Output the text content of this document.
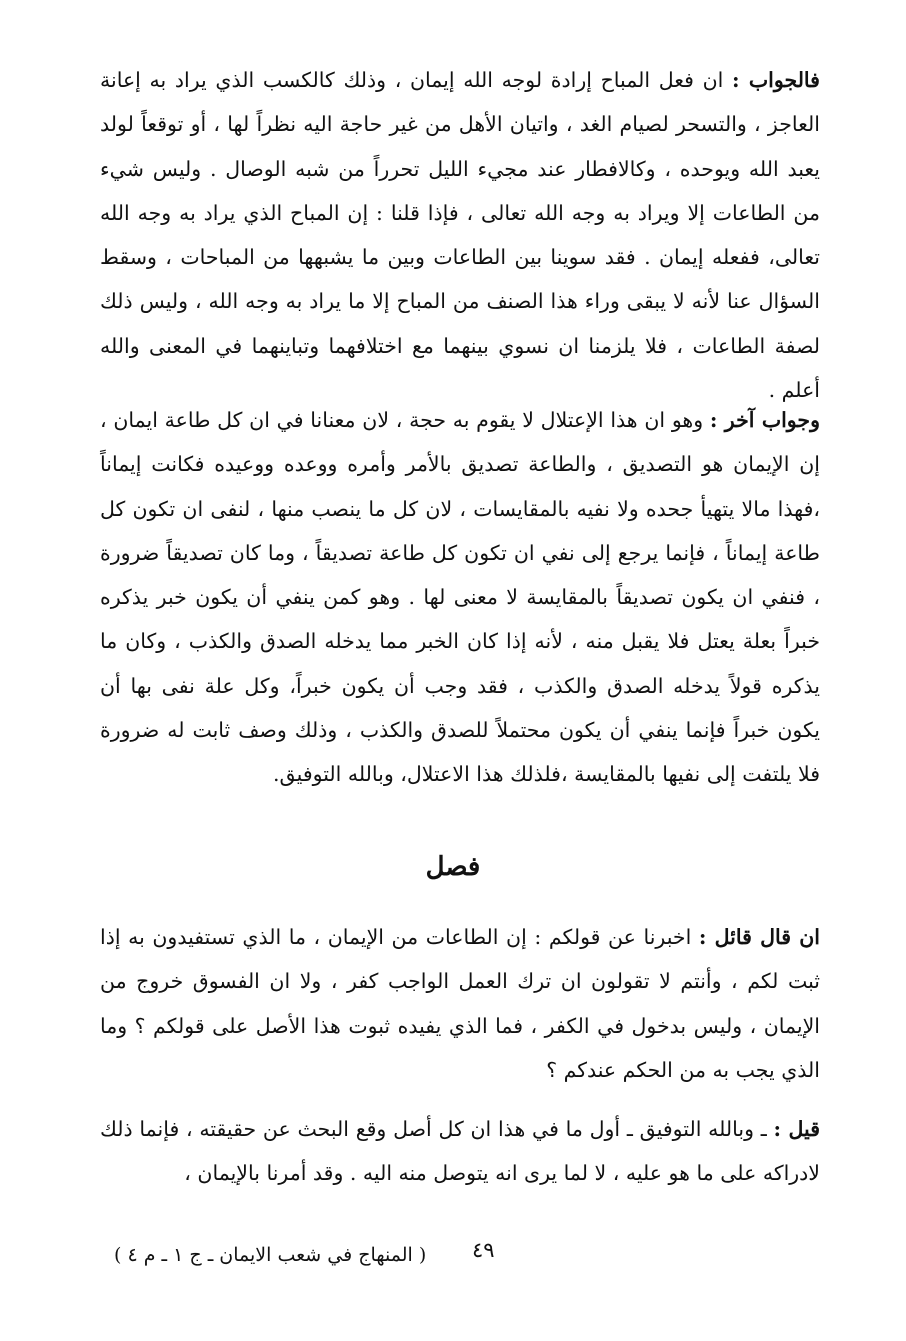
فالجواب : ان فعل المباح إرادة لوجه الله إيمان ، وذلك كالكسب الذي يراد به إعانة العاجز ، والتسحر لصيام الغد ، واتيان الأهل من غير حاجة اليه نظراً لها ، أو توقعاً لولد يعبد الله ويوحده ، وكالافطار عند مجيء الليل تحرراً من شبه الوصال . وليس شيء من الطاعات إلا ويراد به وجه الله تعالى ، فإذا قلنا : إن المباح الذي يراد به وجه الله تعالى، ففعله إيمان . فقد سوينا بين الطاعات وبين ما يشبهها من المباحات ، وسقط السؤال عنا لأنه لا يبقى وراء هذا الصنف من المباح إلا ما يراد به وجه الله ، وليس ذلك لصفة الطاعات ، فلا يلزمنا ان نسوي بينهما مع اختلافهما وتباينهما في المعنى والله أعلم .

وجواب آخر : وهو ان هذا الإعتلال لا يقوم به حجة ، لان معنانا في ان كل طاعة ايمان ، إن الإيمان هو التصديق ، والطاعة تصديق بالأمر وأمره ووعده ووعيده فكانت إيماناً ،فهذا مالا يتهيأ جحده ولا نفيه بالمقايسات ، لان كل ما ينصب منها ، لنفى ان تكون كل طاعة إيماناً ، فإنما يرجع إلى نفي ان تكون كل طاعة تصديقاً ، وما كان تصديقاً ضرورة ، فنفي ان يكون تصديقاً بالمقايسة لا معنى لها . وهو كمن ينفي أن يكون خبر يذكره خبراً بعلة يعتل فلا يقبل منه ، لأنه إذا كان الخبر مما يدخله الصدق والكذب ، وكان ما يذكره قولاً يدخله الصدق والكذب ، فقد وجب أن يكون خبراً، وكل علة نفى بها أن يكون خبراً فإنما ينفي أن يكون محتملاً للصدق والكذب ، وذلك وصف ثابت له ضرورة فلا يلتفت إلى نفيها بالمقايسة ،فلذلك هذا الاعتلال، وبالله التوفيق.

فصل

ان قال قائل : اخبرنا عن قولكم : إن الطاعات من الإيمان ، ما الذي تستفيدون به إذا ثبت لكم ، وأنتم لا تقولون ان ترك العمل الواجب كفر ، ولا ان الفسوق خروج من الإيمان ، وليس بدخول في الكفر ، فما الذي يفيده ثبوت هذا الأصل على قولكم ؟ وما الذي يجب به من الحكم عندكم ؟

قيل : ـ وبالله التوفيق ـ أول ما في هذا ان كل أصل وقع البحث عن حقيقته ، فإنما ذلك لادراكه على ما هو عليه ، لا لما يرى انه يتوصل منه اليه . وقد أمرنا بالإيمان ،

( المنهاج في شعب الايمان ـ ج ١ ـ م ٤ ) ٤٩
